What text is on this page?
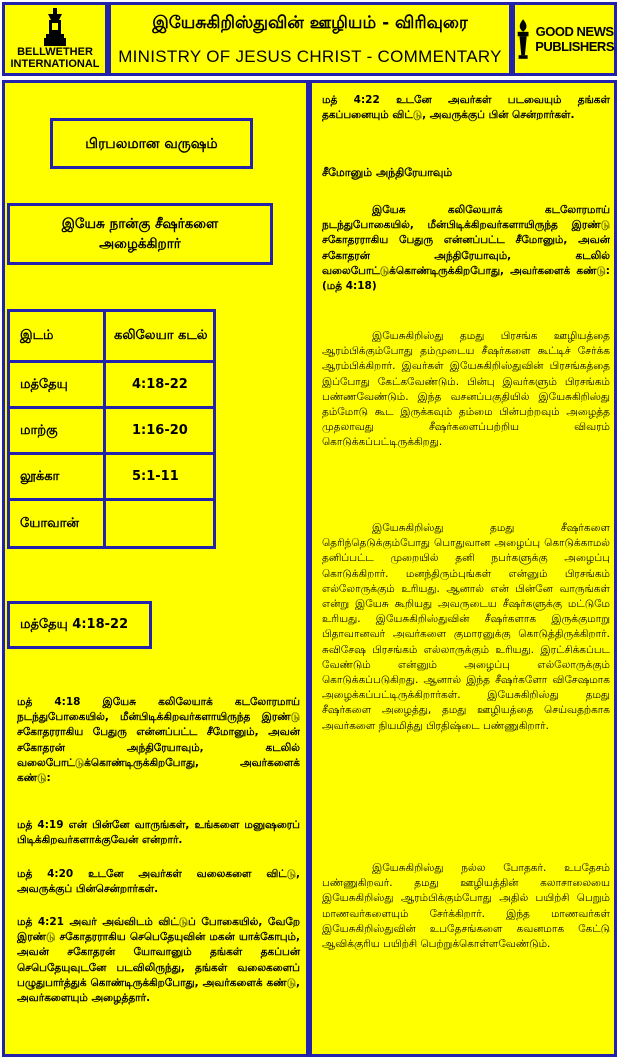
BELLWETHER
INTERNATIONAL
இயேசுகிறிஸ்துவின் ஊழியம் - விரிவுரை
MINISTRY OF JESUS CHRIST - COMMENTARY
GOOD NEWS
PUBLISHERS
பிரபலமான வருஷம்
இயேசு நான்கு சீஷர்களை அழைக்கிறார்
இடம்	கலிலேயா கடல்
மத்தேயு	4:18-22
மாற்கு	1:16-20
லூக்கா	5:1-11
யோவான்
மத்தேயு 4:18-22
மத் 4:18 இயேசு கலிலேயாக் கடலோரமாய் நடந்துபோகையில், மீன்பிடிக்கிறவர்களாயிருந்த இரண்டு சகோதரராகிய பேதுரு என்னப்பட்ட சீமோனும், அவன் சகோதரன் அந்திரேயாவும், கடலில் வலைபோட்டுக்கொண்டிருக்கிறபோது, அவர்களைக் கண்டு:
மத் 4:19 என் பின்னே வாருங்கள், உங்களை மனுஷரைப் பிடிக்கிறவர்களாக்குவேன் என்றார்.
மத் 4:20 உடனே அவர்கள் வலைகளை விட்டு, அவருக்குப் பின்சென்றார்கள்.
மத் 4:21 அவர் அவ்விடம் விட்டுப் போகையில், வேறே இரண்டு சகோதரராகிய செபெதேயுவின் மகன் யாக்கோபும், அவன் சகோதரன் யோவானும் தங்கள் தகப்பன் செபெதேயுவுடனே படவிலிருந்து, தங்கள் வலைகளைப் பழுதுபார்த்துக் கொண்டிருக்கிறபோது, அவர்களைக் கண்டு, அவர்களையும் அழைத்தார்.
மத் 4:22 உடனே அவர்கள் படவையும் தங்கள் தகப்பனையும் விட்டு, அவருக்குப் பின் சென்றார்கள்.
சீமோனும் அந்திரேயாவும்
இயேசு கலிலேயாக் கடலோரமாய் நடந்துபோகையில், மீன்பிடிக்கிறவர்களாயிருந்த இரண்டு சகோதரராகிய பேதுரு என்னப்பட்ட சீமோனும், அவன் சகோதரன் அந்திரேயாவும், கடலில் வலைபோட்டுக்கொண்டிருக்கிறபோது, அவர்களைக் கண்டு: (மத் 4:18)
இயேசுகிறிஸ்து தமது பிரசங்க ஊழியத்தை ஆரம்பிக்கும்போது தம்முடைய சீஷர்களை கூட்டிச் சேர்க்க ஆரம்பிக்கிறார். இவர்கள் இயேசுகிறிஸ்துவின் பிரசங்கத்தை இப்போது கேட்கவேண்டும். பின்பு இவர்களும் பிரசங்கம் பண்ணவேண்டும். இந்த வசனப்பகுதியில் இயேசுகிறிஸ்து தம்மோடு கூட இருக்கவும் தம்மை பின்பற்றவும் அழைத்த முதலாவது சீஷர்களைப்பற்றிய விவரம் கொடுக்கப்பட்டிருக்கிறது.
இயேசுகிறிஸ்து தமது சீஷர்களை தெரிந்தெடுக்கும்போது பொதுவான அழைப்பு கொடுக்காமல் தனிப்பட்ட முறையில் தனி நபர்களுக்கு அழைப்பு கொடுக்கிறார். மனந்திரும்புங்கள் என்னும் பிரசங்கம் எல்லோருக்கும் உரியது. ஆனால் என் பின்னே வாருங்கள் என்று இயேசு கூறியது அவருடைய சீஷர்களுக்கு மட்டுமே உரியது. இயேசுகிறிஸ்துவின் சீஷர்களாக இருக்குமாறு பிதாவானவர் அவர்களை குமாரனுக்கு கொடுத்திருக்கிறார். சுவிசேஷ பிரசங்கம் எல்லாருக்கும் உரியது. இரட்சிக்கப்பட வேண்டும் என்னும் அழைப்பு எல்லோருக்கும் கொடுக்கப்படுகிறது. ஆனால் இந்த சீஷர்களோ விசேஷமாக அழைக்கப்பட்டிருக்கிறார்கள். இயேசுகிறிஸ்து தமது சீஷர்களை அழைத்து, தமது ஊழியத்தை செய்வதற்காக அவர்களை நியமித்து பிரதிஷ்டை பண்ணுகிறார்.
இயேசுகிறிஸ்து நல்ல போதகர். உபதேசம் பண்ணுகிறவர். தமது ஊழியத்தின் கலாசாலையை இயேசுகிறிஸ்து ஆரம்பிக்கும்போது அதில் பயிற்சி பெறும் மாணவர்களையும் சேர்க்கிறார். இந்த மாணவர்கள் இயேசுகிறிஸ்துவின் உபதேசங்களை கவனமாக கேட்டு ஆவிக்குரிய பயிற்சி பெற்றுக்கொள்ளவேண்டும்.
